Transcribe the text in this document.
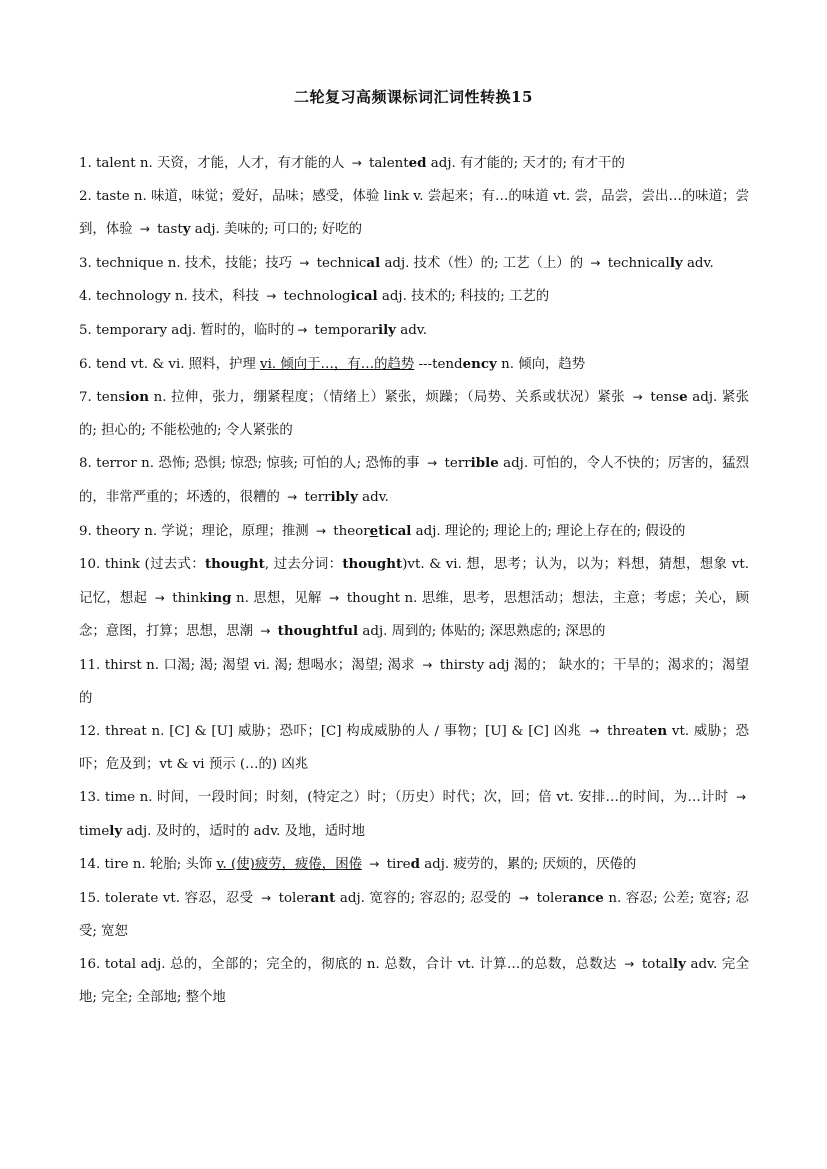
二轮复习高频课标词汇词性转换15

1. talent n. 天资，才能，人才，有才能的人 → talented adj. 有才能的; 天才的; 有才干的

2. taste n. 味道，味觉；爱好，品味；感受，体验 link v. 尝起来；有…的味道 vt. 尝，品尝，尝出…的味道；尝到，体验 → tasty adj. 美味的; 可口的; 好吃的

3. technique n. 技术，技能；技巧 → technical adj. 技术（性）的; 工艺（上）的 → technically adv.

4. technology n. 技术，科技 → technological adj. 技术的; 科技的; 工艺的

5. temporary adj. 暂时的，临时的 → temporarily adv.

6. tend vt. & vi. 照料，护理 vi. 倾向于…，有…的趋势 ---tendency n. 倾向，趋势

7. tension n. 拉伸，张力，绷紧程度；（情绪上）紧张，烦躁；（局势、关系或状况）紧张 → tense adj. 紧张的; 担心的; 不能松弛的; 令人紧张的

8. terror n. 恐怖; 恐惧; 惊恐; 惊骇; 可怕的人; 恐怖的事 → terrible adj. 可怕的，令人不快的；厉害的，猛烈的，非常严重的；坏透的，很糟的 → terribly adv.

9. theory n. 学说；理论，原理；推测 → theoretical adj. 理论的; 理论上的; 理论上存在的; 假设的

10. think (过去式：thought, 过去分词：thought)vt. & vi. 想，思考；认为，以为；料想，猜想，想象 vt. 记忆，想起 → thinking n. 思想，见解 → thought n. 思维，思考，思想活动；想法，主意；考虑；关心，顾念；意图，打算；思想，思潮 → thoughtful adj. 周到的; 体贴的; 深思熟虑的; 深思的

11. thirst n. 口渴; 渴; 渴望 vi. 渴; 想喝水；渴望; 渴求 → thirsty adj 渴的； 缺水的；干旱的；渴求的；渴望的

12. threat n. [C] & [U] 威胁；恐吓；[C] 构成威胁的人 / 事物；[U] & [C] 凶兆 → threaten vt. 威胁；恐吓；危及到；vt & vi 预示 (…的) 凶兆

13. time n. 时间，一段时间；时刻，(特定之）时；（历史）时代；次，回；倍 vt. 安排…的时间，为…计时 → timely adj. 及时的，适时的 adv. 及地，适时地

14. tire n. 轮胎; 头饰 v. (使)疲劳，疲倦，困倦 → tired adj. 疲劳的，累的; 厌烦的，厌倦的

15. tolerate vt. 容忍，忍受 → tolerant adj. 宽容的; 容忍的; 忍受的 → tolerance n. 容忍; 公差; 宽容; 忍受; 宽恕

16. total adj. 总的，全部的；完全的，彻底的 n. 总数，合计 vt. 计算…的总数，总数达 → totally adv. 完全地; 完全; 全部地; 整个地
